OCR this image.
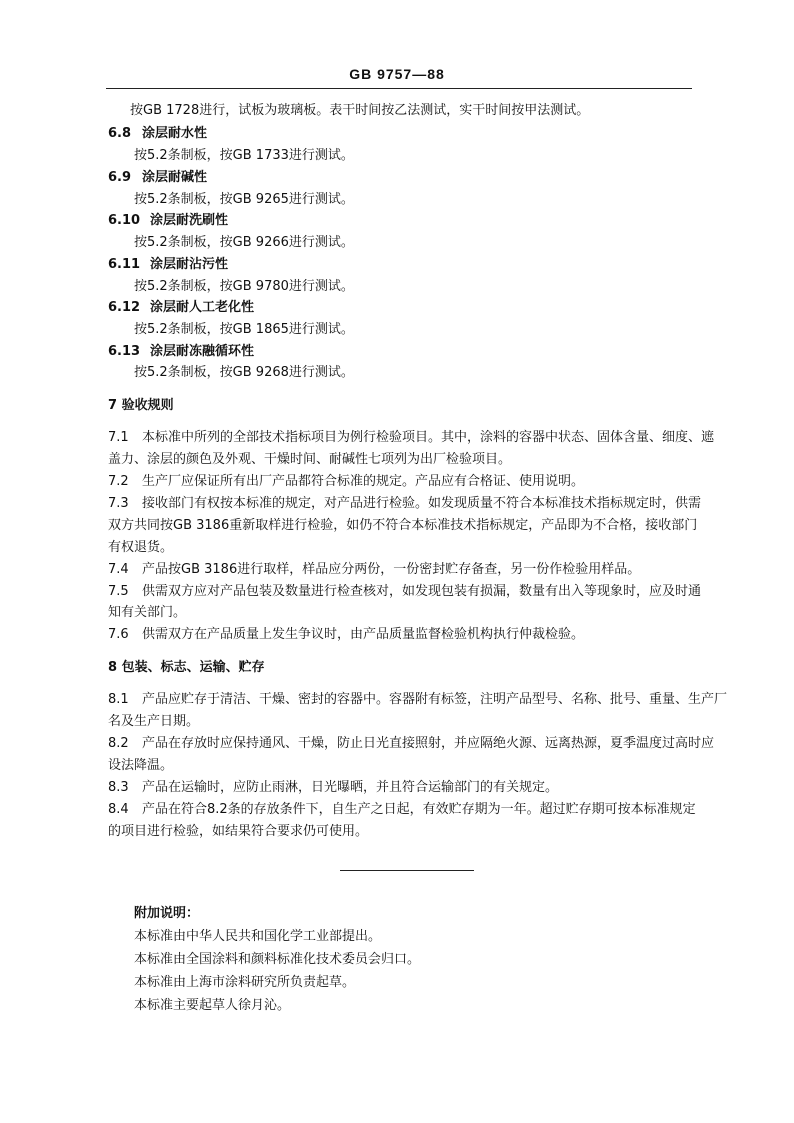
GB 9757—88
按GB 1728进行，试板为玻璃板。表干时间按乙法测试，实干时间按甲法测试。
6.8 涂层耐水性
按5.2条制板，按GB 1733进行测试。
6.9 涂层耐碱性
按5.2条制板，按GB 9265进行测试。
6.10 涂层耐洗刷性
按5.2条制板，按GB 9266进行测试。
6.11 涂层耐沾污性
按5.2条制板，按GB 9780进行测试。
6.12 涂层耐人工老化性
按5.2条制板，按GB 1865进行测试。
6.13 涂层耐冻融循环性
按5.2条制板，按GB 9268进行测试。
7 验收规则
7.1 本标准中所列的全部技术指标项目为例行检验项目。其中，涂料的容器中状态、固体含量、细度、遮
盖力、涂层的颜色及外观、干燥时间、耐碱性七项列为出厂检验项目。
7.2 生产厂应保证所有出厂产品都符合标准的规定。产品应有合格证、使用说明。
7.3 接收部门有权按本标准的规定，对产品进行检验。如发现质量不符合本标准技术指标规定时，供需
双方共同按GB 3186重新取样进行检验，如仍不符合本标准技术指标规定，产品即为不合格，接收部门
有权退货。
7.4 产品按GB 3186进行取样，样品应分两份，一份密封贮存备查，另一份作检验用样品。
7.5 供需双方应对产品包装及数量进行检查核对，如发现包装有损漏，数量有出入等现象时，应及时通
知有关部门。
7.6 供需双方在产品质量上发生争议时，由产品质量监督检验机构执行仲裁检验。
8 包装、标志、运输、贮存
8.1 产品应贮存于清洁、干燥、密封的容器中。容器附有标签，注明产品型号、名称、批号、重量、生产厂
名及生产日期。
8.2 产品在存放时应保持通风、干燥，防止日光直接照射，并应隔绝火源、远离热源，夏季温度过高时应
设法降温。
8.3 产品在运输时，应防止雨淋，日光曝晒，并且符合运输部门的有关规定。
8.4 产品在符合8.2条的存放条件下，自生产之日起，有效贮存期为一年。超过贮存期可按本标准规定
的项目进行检验，如结果符合要求仍可使用。
附加说明：
本标准由中华人民共和国化学工业部提出。
本标准由全国涂料和颜料标准化技术委员会归口。
本标准由上海市涂料研究所负责起草。
本标准主要起草人徐月沁。
